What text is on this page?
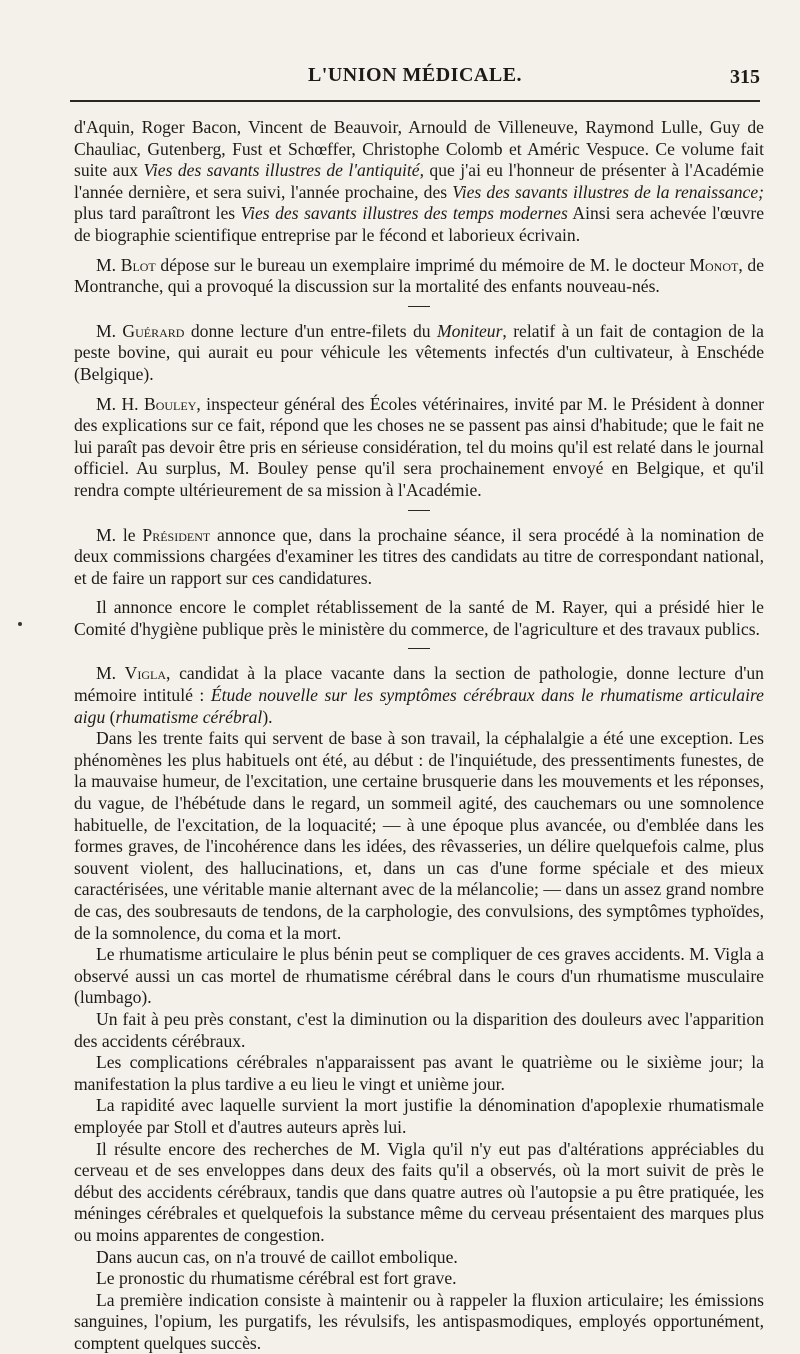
L'UNION MÉDICALE.	315

d'Aquin, Roger Bacon, Vincent de Beauvoir, Arnould de Villeneuve, Raymond Lulle, Guy de Chauliac, Gutenberg, Fust et Schœffer, Christophe Colomb et Améric Vespuce. Ce volume fait suite aux Vies des savants illustres de l'antiquité, que j'ai eu l'honneur de présenter à l'Académie l'année dernière, et sera suivi, l'année prochaine, des Vies des savants illustres de la renaissance; plus tard paraîtront les Vies des savants illustres des temps modernes Ainsi sera achevée l'œuvre de biographie scientifique entreprise par le fécond et laborieux écrivain.

M. Blot dépose sur le bureau un exemplaire imprimé du mémoire de M. le docteur Monot, de Montranche, qui a provoqué la discussion sur la mortalité des enfants nouveau-nés.

M. Guérard donne lecture d'un entre-filets du Moniteur, relatif à un fait de contagion de la peste bovine, qui aurait eu pour véhicule les vêtements infectés d'un cultivateur, à Enschéde (Belgique).

M. H. Bouley, inspecteur général des Écoles vétérinaires, invité par M. le Président à donner des explications sur ce fait, répond que les choses ne se passent pas ainsi d'habitude; que le fait ne lui paraît pas devoir être pris en sérieuse considération, tel du moins qu'il est relaté dans le journal officiel. Au surplus, M. Bouley pense qu'il sera prochainement envoyé en Belgique, et qu'il rendra compte ultérieurement de sa mission à l'Académie.

M. le Président annonce que, dans la prochaine séance, il sera procédé à la nomination de deux commissions chargées d'examiner les titres des candidats au titre de correspondant national, et de faire un rapport sur ces candidatures.

Il annonce encore le complet rétablissement de la santé de M. Rayer, qui a présidé hier le Comité d'hygiène publique près le ministère du commerce, de l'agriculture et des travaux publics.

M. Vigla, candidat à la place vacante dans la section de pathologie, donne lecture d'un mémoire intitulé : Étude nouvelle sur les symptômes cérébraux dans le rhumatisme articulaire aigu (rhumatisme cérébral).

Dans les trente faits qui servent de base à son travail, la céphalalgie a été une exception. Les phénomènes les plus habituels ont été, au début : de l'inquiétude, des pressentiments funestes, de la mauvaise humeur, de l'excitation, une certaine brusquerie dans les mouvements et les réponses, du vague, de l'hébétude dans le regard, un sommeil agité, des cauchemars ou une somnolence habituelle, de l'excitation, de la loquacité; — à une époque plus avancée, ou d'emblée dans les formes graves, de l'incohérence dans les idées, des rêvasseries, un délire quelquefois calme, plus souvent violent, des hallucinations, et, dans un cas d'une forme spéciale et des mieux caractérisées, une véritable manie alternant avec de la mélancolie; — dans un assez grand nombre de cas, des soubresauts de tendons, de la carphologie, des convulsions, des symptômes typhoïdes, de la somnolence, du coma et la mort.

Le rhumatisme articulaire le plus bénin peut se compliquer de ces graves accidents. M. Vigla a observé aussi un cas mortel de rhumatisme cérébral dans le cours d'un rhumatisme musculaire (lumbago).

Un fait à peu près constant, c'est la diminution ou la disparition des douleurs avec l'apparition des accidents cérébraux.

Les complications cérébrales n'apparaissent pas avant le quatrième ou le sixième jour; la manifestation la plus tardive a eu lieu le vingt et unième jour.

La rapidité avec laquelle survient la mort justifie la dénomination d'apoplexie rhumatismale employée par Stoll et d'autres auteurs après lui.

Il résulte encore des recherches de M. Vigla qu'il n'y eut pas d'altérations appréciables du cerveau et de ses enveloppes dans deux des faits qu'il a observés, où la mort suivit de près le début des accidents cérébraux, tandis que dans quatre autres où l'autopsie a pu être pratiquée, les méninges cérébrales et quelquefois la substance même du cerveau présentaient des marques plus ou moins apparentes de congestion.

Dans aucun cas, on n'a trouvé de caillot embolique.

Le pronostic du rhumatisme cérébral est fort grave.

La première indication consiste à maintenir ou à rappeler la fluxion articulaire; les émissions sanguines, l'opium, les purgatifs, les révulsifs, les antispasmodiques, employés opportunément, comptent quelques succès.
